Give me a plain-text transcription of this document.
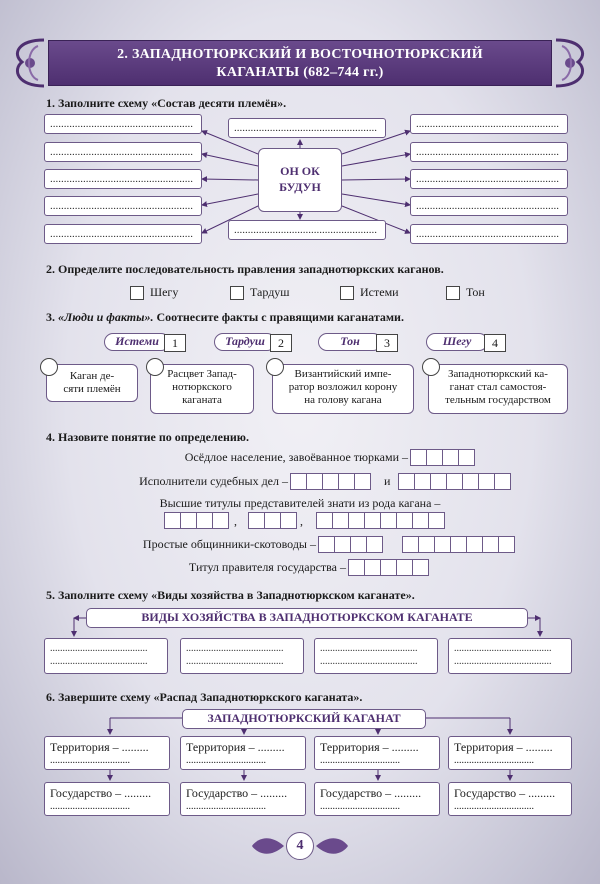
2. ЗАПАДНОТЮРКСКИЙ И ВОСТОЧНОТЮРКСКИЙ
КАГАНАТЫ (682–744 гг.)
1. Заполните схему «Состав десяти племён».
....................................................
....................................................
....................................................
....................................................
....................................................
....................................................
....................................................
ОН ОК
БУДУН
....................................................
....................................................
....................................................
....................................................
....................................................
2. Определите последовательность правления западнотюркских каганов.
Шегу	Тардуш	Истеми	Тон
3. «Люди и факты». Соотнесите факты с правящими каганатами.
Истеми	1	Тардуш	2	Тон	3	Шегу	4
Каган де-
сяти племён
Расцвет Запад-
нотюркского
каганата
Византийский импе-
ратор возложил корону
на голову кагана
Западнотюркский ка-
ганат стал самостоя-
тельным государством
4. Назовите понятие по определению.
Осёдлое население, завоёванное тюрками –
Исполнители судебных дел –	и
Высшие титулы представителей знати из рода кагана –
,	,
Простые общинники-скотоводы –
Титул правителя государства –
5. Заполните схему «Виды хозяйства в Западнотюркском каганате».
ВИДЫ ХОЗЯЙСТВА В ЗАПАДНОТЮРКСКОМ КАГАНАТЕ
.......................................
.......................................
.......................................
.......................................
.......................................
.......................................
.......................................
.......................................
6. Завершите схему «Распад Западнотюркского каганата».
ЗАПАДНОТЮРКСКИЙ КАГАНАТ
Территория – .........
................................
Территория – .........
................................
Территория – .........
................................
Территория – .........
................................
Государство – .........
................................
Государство – .........
................................
Государство – .........
................................
Государство – .........
................................
4
